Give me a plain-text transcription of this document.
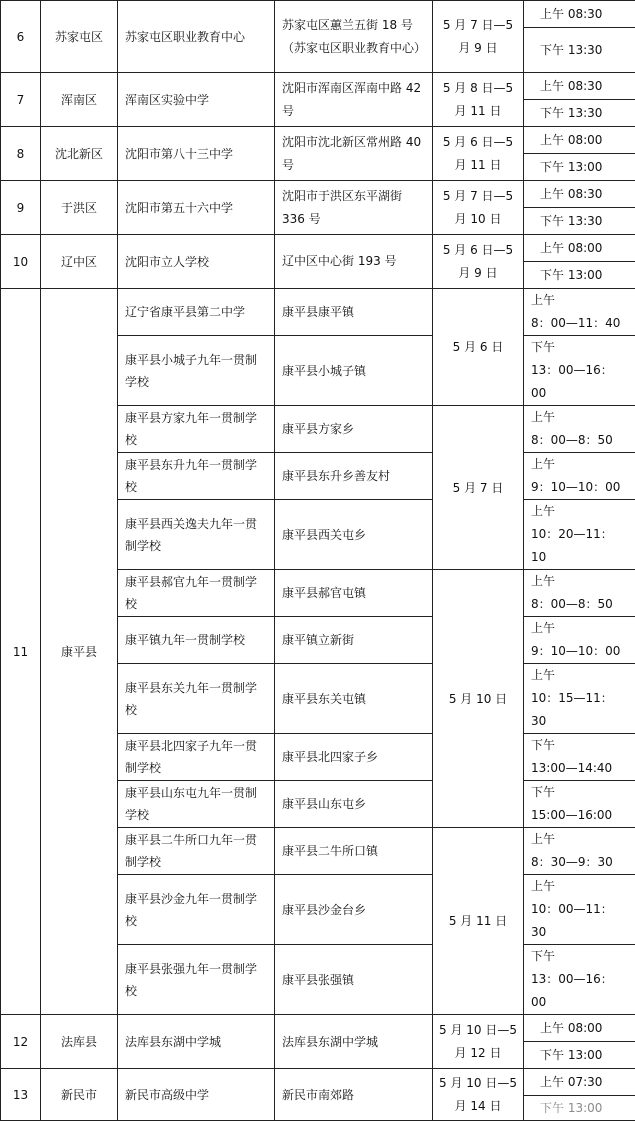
6	苏家屯区	苏家屯区职业教育中心	苏家屯区蕙兰五街 18 号（苏家屯区职业教育中心）	5 月 7 日—5 月 9 日	上午 08:30
					下午 13:30
7	浑南区	浑南区实验中学	沈阳市浑南区浑南中路 42 号	5 月 8 日—5 月 11 日	上午 08:30
					下午 13:30
8	沈北新区	沈阳市第八十三中学	沈阳市沈北新区常州路 40 号	5 月 6 日—5 月 11 日	上午 08:00
					下午 13:00
9	于洪区	沈阳市第五十六中学	沈阳市于洪区东平湖街 336 号	5 月 7 日—5 月 10 日	上午 08:30
					下午 13:30
10	辽中区	沈阳市立人学校	辽中区中心街 193 号	5 月 6 日—5 月 9 日	上午 08:00
					下午 13:00
11	康平县	辽宁省康平县第二中学	康平县康平镇	5 月 6 日	上午
8：00—11：40
		康平县小城子九年一贯制学校	康平县小城子镇		下午
13：00—16：00
		康平县方家九年一贯制学校	康平县方家乡	5 月 7 日	上午
8：00—8：50
		康平县东升九年一贯制学校	康平县东升乡善友村		上午
9：10—10：00
		康平县西关逸夫九年一贯制学校	康平县西关屯乡		上午
10：20—11：10
		康平县郝官九年一贯制学校	康平县郝官屯镇	5 月 10 日	上午
8：00—8：50
		康平镇九年一贯制学校	康平镇立新街		上午
9：10—10：00
		康平县东关九年一贯制学校	康平县东关屯镇		上午
10：15—11：30
		康平县北四家子九年一贯制学校	康平县北四家子乡		下午
13:00—14:40
		康平县山东屯九年一贯制学校	康平县山东屯乡		下午
15:00—16:00
		康平县二牛所口九年一贯制学校	康平县二牛所口镇	5 月 11 日	上午
8：30—9：30
		康平县沙金九年一贯制学校	康平县沙金台乡		上午
10：00—11：30
		康平县张强九年一贯制学校	康平县张强镇		下午
13：00—16：00
12	法库县	法库县东湖中学城	法库县东湖中学城	5 月 10 日—5 月 12 日	上午 08:00
					下午 13:00
13	新民市	新民市高级中学	新民市南郊路	5 月 10 日—5 月 14 日	上午 07:30
					下午 13:00
